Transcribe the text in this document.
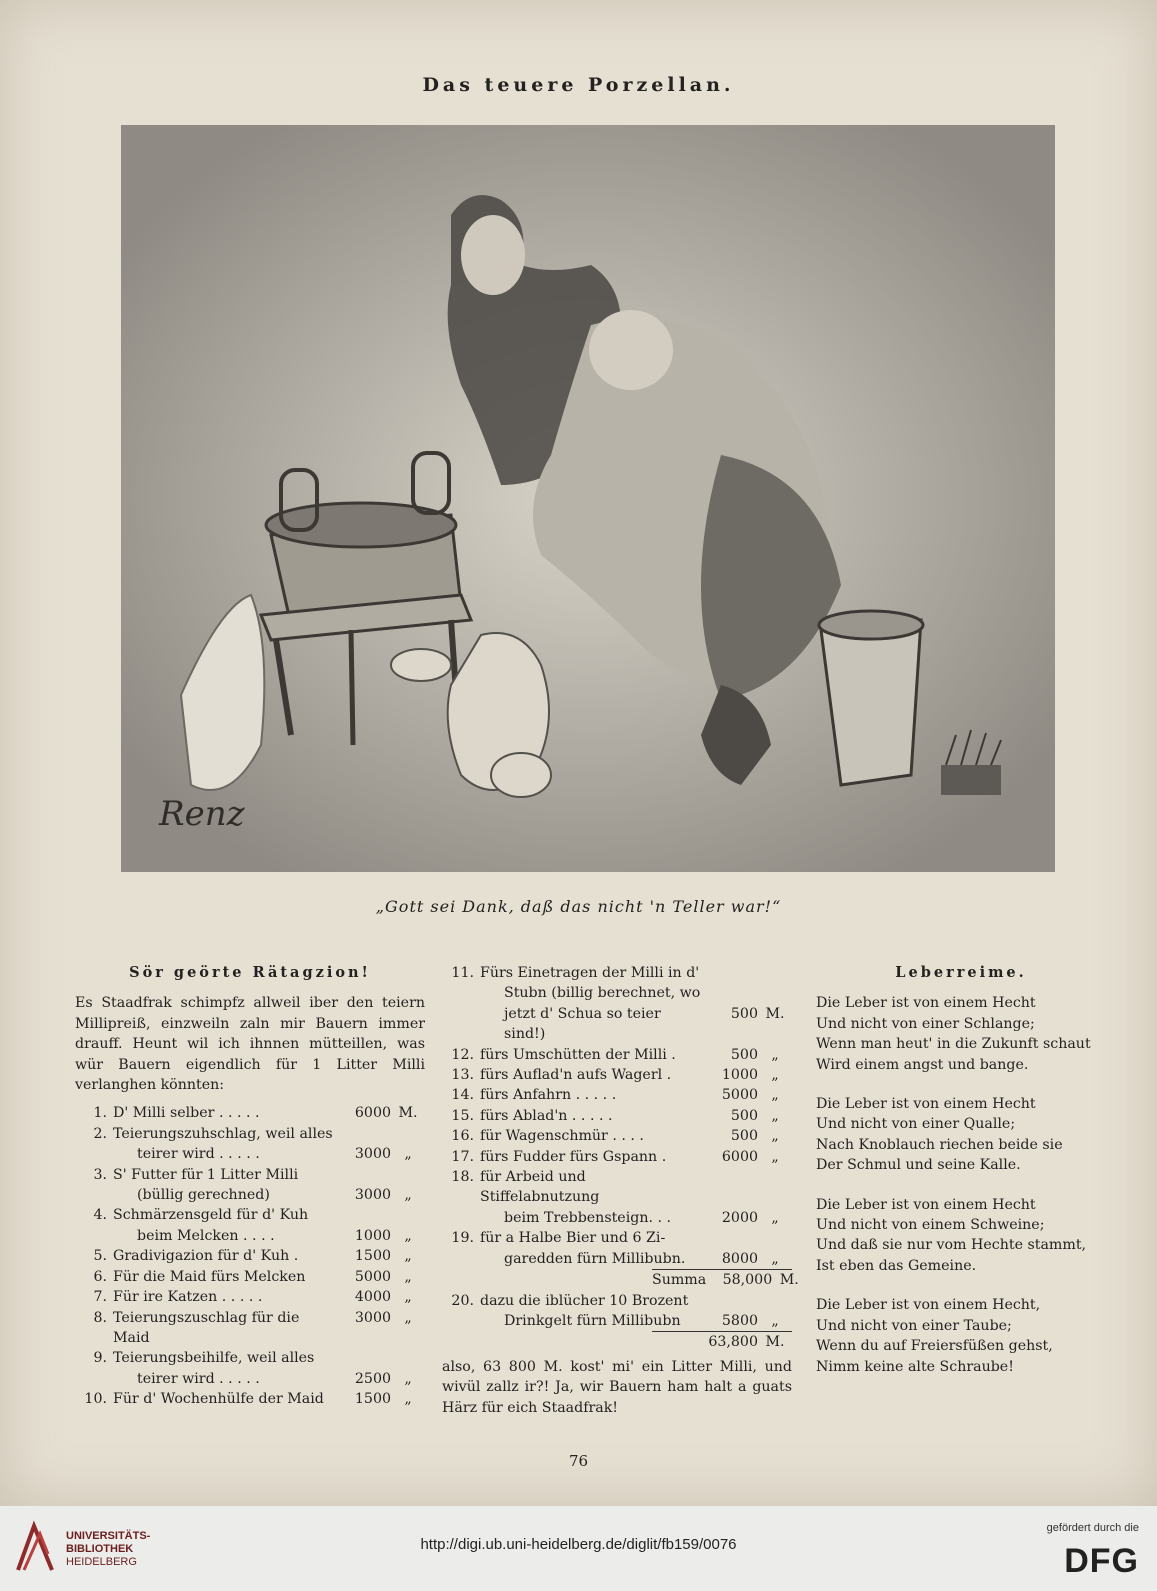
Das teuere Porzellan.
Renz
„Gott sei Dank, daß das nicht 'n Teller war!“
Sör geörte Rätagzion!

Es Staadfrak schimpfz allweil iber den teiern Millipreiß, einzweiln zaln mir Bauern immer drauff. Heunt wil ich ihnnen mütteillen, was wür Bauern eigendlich für 1 Litter Milli verlanghen könnten:

1. D' Milli selber . . . . .	6000 M.
2. Teierungszuhschlag, weil alles
teirer wird . . . . .	3000 „
3. S' Futter für 1 Litter Milli
(büllig gerechned)	3000 „
4. Schmärzensgeld für d' Kuh
beim Melcken . . . .	1000 „
5. Gradivigazion für d' Kuh .	1500 „
6. Für die Maid fürs Melcken	5000 „
7. Für ire Katzen . . . . .	4000 „
8. Teierungszuschlag für die Maid
3000 „
9. Teierungsbeihilfe, weil alles
teirer wird . . . . .	2500 „
10. Für d' Wochenhülfe der Maid	1500 „
11. Fürs Einetragen der Milli in d'
Stubn (billig berechnet, wo
jetzt d' Schua so teier sind!)
500 M.
12. fürs Umschütten der Milli .	500 „
13. fürs Auflad'n aufs Wagerl .	1000 „
14. fürs Anfahrn . . . . .	5000 „
15. fürs Ablad'n . . . . .	500 „
16. für Wagenschmür . . . .	500 „
17. fürs Fudder fürs Gspann .	6000 „
18. für Arbeid und Stiffelabnutzung
beim Trebbensteign. . .	2000 „
19. für a Halbe Bier und 6 Zi-
garedden fürn Millibubn.	8000 „
Summa	58,000 M.
20. dazu die iblücher 10 Brozent
Drinkgelt fürn Millibubn	5800 „
63,800 M.

also, 63 800 M. kost' mi' ein Litter Milli, und wivül zallz ir?! Ja, wir Bauern ham halt a guats Härz für eich Staadfrak!

Leberreime.
Die Leber ist von einem Hecht
Und nicht von einer Schlange;
Wenn man heut' in die Zukunft schaut
Wird einem angst und bange.
Die Leber ist von einem Hecht
Und nicht von einer Qualle;
Nach Knoblauch riechen beide sie
Der Schmul und seine Kalle.
Die Leber ist von einem Hecht
Und nicht von einem Schweine;
Und daß sie nur vom Hechte stammt,
Ist eben das Gemeine.
Die Leber ist von einem Hecht,
Und nicht von einer Taube;
Wenn du auf Freiersfüßen gehst,
Nimm keine alte Schraube!
76
UNIVERSITÄTS-
BIBLIOTHEK
HEIDELBERG
http://digi.ub.uni-heidelberg.de/diglit/fb159/0076
gefördert durch die
DFG
